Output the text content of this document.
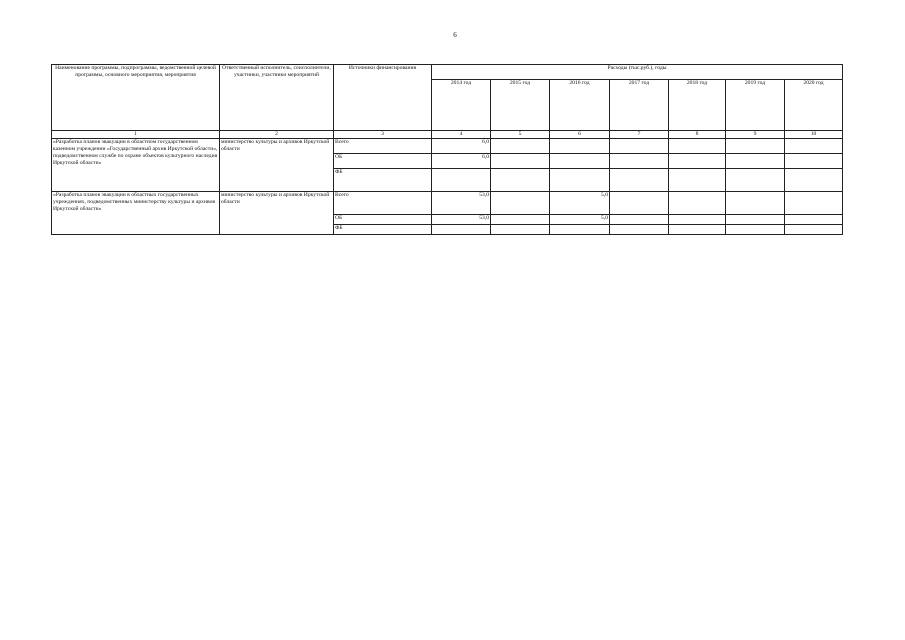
6
Наименование программы, подпрограммы, ведомственной целевой программы, основного мероприятия, мероприятия	Ответственный исполнитель, соисполнители, участники, участники мероприятий	Источники финансирования	Расходы (тыс.руб.), годы						
			2014 год	2015 год	2016 год	2017 год	2018 год	2019 год	2020 год
1	2	3	4	5	6	7	8	9	10
«Разработка планов эвакуации в областном государственном казенном учреждении «Государственный архив Иркутской области», подведомственном службе по охране объектов культурного наследия Иркутской области»	министерство культуры и архивов Иркутской области	Всего	6,0						
		ОБ	6,0						
		ФБ							
«Разработка планов эвакуации в областных государственных учреждениях, подведомственных министерству культуры и архивов Иркутской области»	министерство культуры и архивов Иркутской области	Всего	53,0		5,0				
		ОБ	53,0		5,0				
		ФБ							
